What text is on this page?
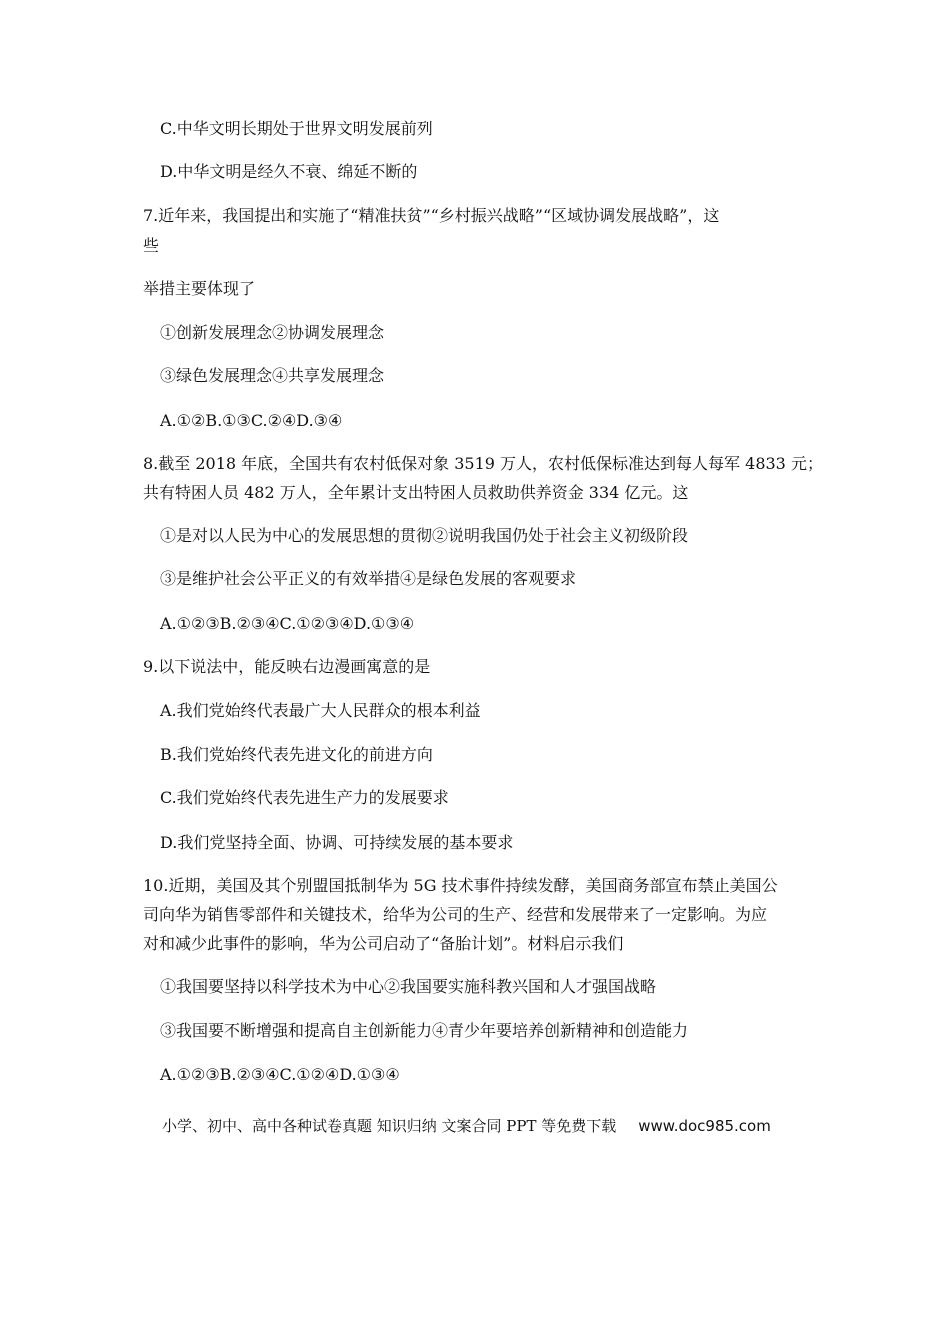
C.中华文明长期处于世界文明发展前列
D.中华文明是经久不衰、绵延不断的
7.近年来，我国提出和实施了“精准扶贫”“乡村振兴战略”“区域协调发展战略”，这
些
举措主要体现了
①创新发展理念②协调发展理念
③绿色发展理念④共享发展理念
A.①②B.①③C.②④D.③④
8.截至 2018 年底，全国共有农村低保对象 3519 万人，农村低保标准达到每人每军 4833 元；
共有特困人员 482 万人，全年累计支出特困人员救助供养资金 334 亿元。这
①是对以人民为中心的发展思想的贯彻②说明我国仍处于社会主义初级阶段
③是维护社会公平正义的有效举措④是绿色发展的客观要求
A.①②③B.②③④C.①②③④D.①③④
9.以下说法中，能反映右边漫画寓意的是
A.我们党始终代表最广大人民群众的根本利益
B.我们党始终代表先进文化的前进方向
C.我们党始终代表先进生产力的发展要求
D.我们党坚持全面、协调、可持续发展的基本要求
10.近期，美国及其个别盟国抵制华为 5G 技术事件持续发酵，美国商务部宣布禁止美国公
司向华为销售零部件和关键技术，给华为公司的生产、经营和发展带来了一定影响。为应
对和减少此事件的影响，华为公司启动了“备胎计划”。材料启示我们
①我国要坚持以科学技术为中心②我国要实施科教兴国和人才强国战略
③我国要不断增强和提高自主创新能力④青少年要培养创新精神和创造能力
A.①②③B.②③④C.①②④D.①③④
小学、初中、高中各种试卷真题 知识归纳 文案合同 PPT 等免费下载 www.doc985.com
